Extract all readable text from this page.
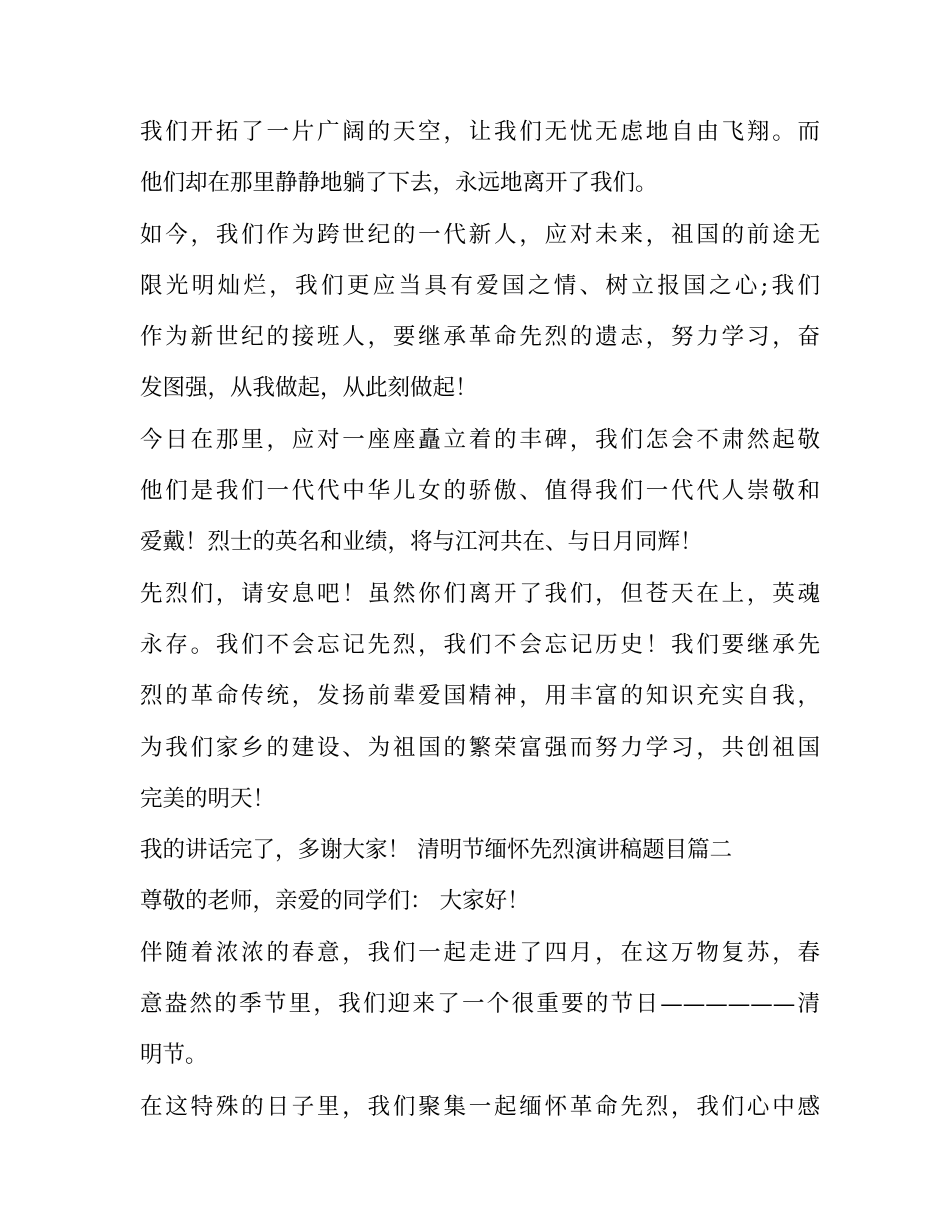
我们开拓了一片广阔的天空，让我们无忧无虑地自由飞翔。而
他们却在那里静静地躺了下去，永远地离开了我们。
如今，我们作为跨世纪的一代新人，应对未来，祖国的前途无
限光明灿烂，我们更应当具有爱国之情、树立报国之心;我们
作为新世纪的接班人，要继承革命先烈的遗志，努力学习，奋
发图强，从我做起，从此刻做起！
今日在那里，应对一座座矗立着的丰碑，我们怎会不肃然起敬
他们是我们一代代中华儿女的骄傲、值得我们一代代人崇敬和
爱戴！烈士的英名和业绩，将与江河共在、与日月同辉！
先烈们，请安息吧！虽然你们离开了我们，但苍天在上，英魂
永存。我们不会忘记先烈，我们不会忘记历史！我们要继承先
烈的革命传统，发扬前辈爱国精神，用丰富的知识充实自我，
为我们家乡的建设、为祖国的繁荣富强而努力学习，共创祖国
完美的明天！
我的讲话完了，多谢大家！ 清明节缅怀先烈演讲稿题目篇二
尊敬的老师，亲爱的同学们： 大家好！
伴随着浓浓的春意，我们一起走进了四月，在这万物复苏，春
意盎然的季节里，我们迎来了一个很重要的节日——————清
明节。
在这特殊的日子里，我们聚集一起缅怀革命先烈，我们心中感
